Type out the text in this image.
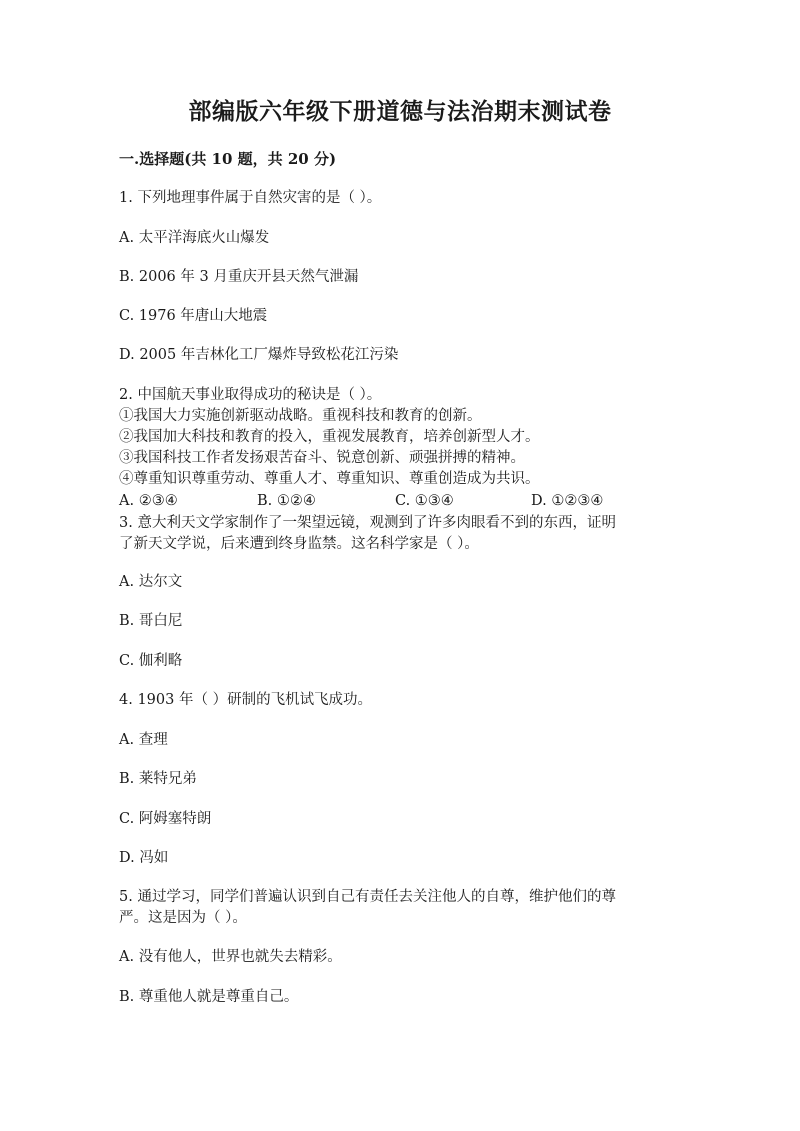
部编版六年级下册道德与法治期末测试卷
一.选择题(共 10 题，共 20 分)
1. 下列地理事件属于自然灾害的是（ ）。
A. 太平洋海底火山爆发
B. 2006 年 3 月重庆开县天然气泄漏
C. 1976 年唐山大地震
D. 2005 年吉林化工厂爆炸导致松花江污染
2. 中国航天事业取得成功的秘诀是（ ）。
①我国大力实施创新驱动战略。重视科技和教育的创新。
②我国加大科技和教育的投入，重视发展教育，培养创新型人才。
③我国科技工作者发扬艰苦奋斗、锐意创新、顽强拼搏的精神。
④尊重知识尊重劳动、尊重人才、尊重知识、尊重创造成为共识。
A. ②③④	B. ①②④	C. ①③④	D. ①②③④
3. 意大利天文学家制作了一架望远镜，观测到了许多肉眼看不到的东西，证明
了新天文学说，后来遭到终身监禁。这名科学家是（ ）。
A. 达尔文
B. 哥白尼
C. 伽利略
4. 1903 年（ ）研制的飞机试飞成功。
A. 查理
B. 莱特兄弟
C. 阿姆塞特朗
D. 冯如
5. 通过学习，同学们普遍认识到自己有责任去关注他人的自尊，维护他们的尊
严。这是因为（ ）。
A. 没有他人，世界也就失去精彩。
B. 尊重他人就是尊重自己。
